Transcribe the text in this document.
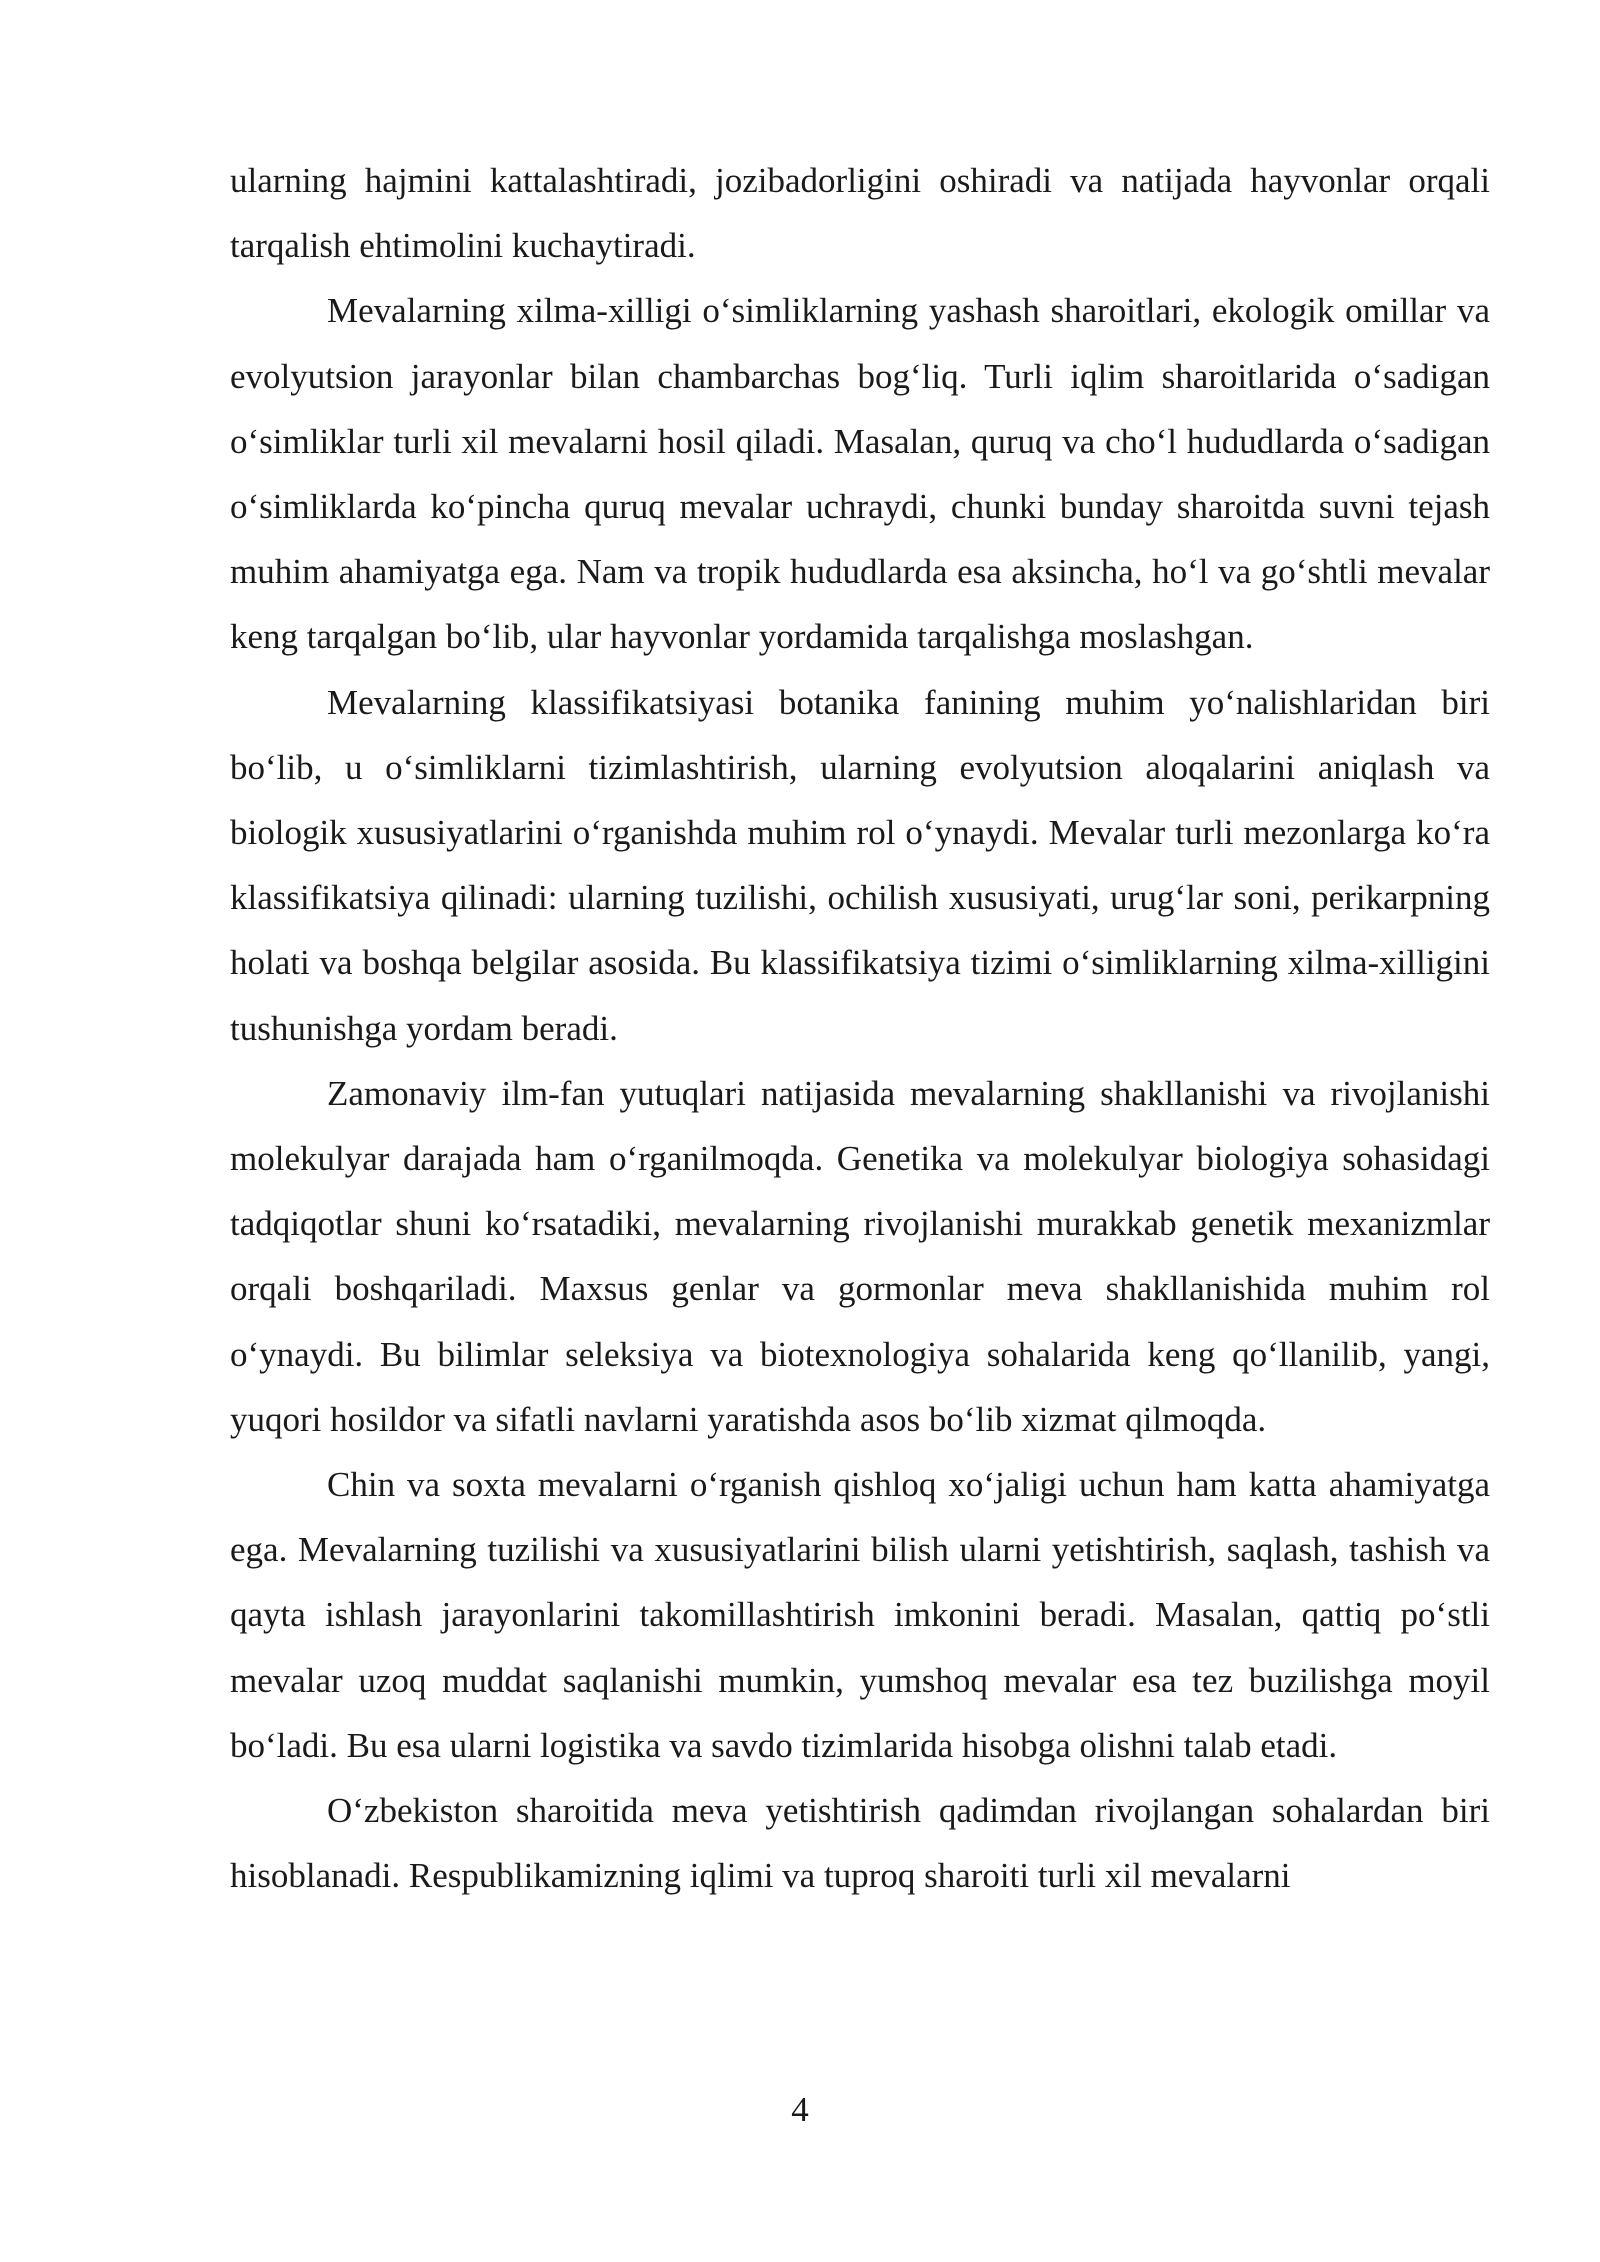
ularning hajmini kattalashtiradi, jozibadorligini oshiradi va natijada hayvonlar orqali tarqalish ehtimolini kuchaytiradi.

Mevalarning xilma-xilligi o‘simliklarning yashash sharoitlari, ekologik omillar va evolyutsion jarayonlar bilan chambarchas bog‘liq. Turli iqlim sharoitlarida o‘sadigan o‘simliklar turli xil mevalarni hosil qiladi. Masalan, quruq va cho‘l hududlarda o‘sadigan o‘simliklarda ko‘pincha quruq mevalar uchraydi, chunki bunday sharoitda suvni tejash muhim ahamiyatga ega. Nam va tropik hududlarda esa aksincha, ho‘l va go‘shtli mevalar keng tarqalgan bo‘lib, ular hayvonlar yordamida tarqalishga moslashgan.

Mevalarning klassifikatsiyasi botanika fanining muhim yo‘nalishlaridan biri bo‘lib, u o‘simliklarni tizimlashtirish, ularning evolyutsion aloqalarini aniqlash va biologik xususiyatlarini o‘rganishda muhim rol o‘ynaydi. Mevalar turli mezonlarga ko‘ra klassifikatsiya qilinadi: ularning tuzilishi, ochilish xususiyati, urug‘lar soni, perikarpning holati va boshqa belgilar asosida. Bu klassifikatsiya tizimi o‘simliklarning xilma-xilligini tushunishga yordam beradi.

Zamonaviy ilm-fan yutuqlari natijasida mevalarning shakllanishi va rivojlanishi molekulyar darajada ham o‘rganilmoqda. Genetika va molekulyar biologiya sohasidagi tadqiqotlar shuni ko‘rsatadiki, mevalarning rivojlanishi murakkab genetik mexanizmlar orqali boshqariladi. Maxsus genlar va gormonlar meva shakllanishida muhim rol o‘ynaydi. Bu bilimlar seleksiya va biotexnologiya sohalarida keng qo‘llanilib, yangi, yuqori hosildor va sifatli navlarni yaratishda asos bo‘lib xizmat qilmoqda.

Chin va soxta mevalarni o‘rganish qishloq xo‘jaligi uchun ham katta ahamiyatga ega. Mevalarning tuzilishi va xususiyatlarini bilish ularni yetishtirish, saqlash, tashish va qayta ishlash jarayonlarini takomillashtirish imkonini beradi. Masalan, qattiq po‘stli mevalar uzoq muddat saqlanishi mumkin, yumshoq mevalar esa tez buzilishga moyil bo‘ladi. Bu esa ularni logistika va savdo tizimlarida hisobga olishni talab etadi.

O‘zbekiston sharoitida meva yetishtirish qadimdan rivojlangan sohalardan biri hisoblanadi. Respublikamizning iqlimi va tuproq sharoiti turli xil mevalarni

4
